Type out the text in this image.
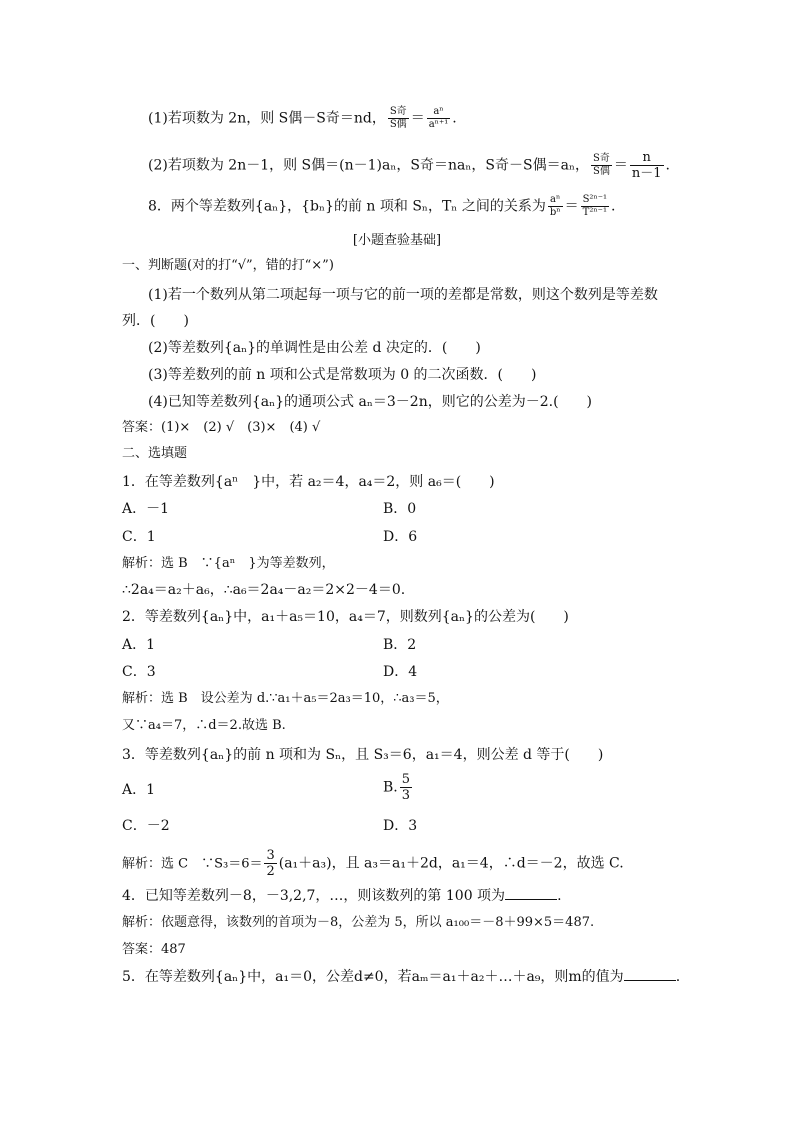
(1)若项数为 2n，则 S偶－S奇＝nd， $\frac{\text{S奇}}{\text{S偶}} = \frac{\text{aⁿ}}{\text{aⁿ⁺¹}}$ .
(2)若项数为 2n－1，则 S偶＝(n－1)aₙ，S奇＝naₙ，S奇－S偶＝aₙ， $\frac{\text{S奇}}{\text{S偶}} = \frac{n}{n-1}$ .
8．两个等差数列{aₙ}，{bₙ}的前 n 项和 Sₙ，Tₙ 之间的关系为 $\frac{\text{aⁿ}}{\text{bⁿ}} = \frac{\text{S²ⁿ⁻¹}}{\text{T²ⁿ⁻¹}}$ .
[小题查验基础]
一、判断题(对的打“√”，错的打“×”)
(1)若一个数列从第二项起每一项与它的前一项的差都是常数，则这个数列是等差数
列．(　　)
(2)等差数列{aₙ}的单调性是由公差 d 决定的．(　　)
(3)等差数列的前 n 项和公式是常数项为 0 的二次函数．(　　)
(4)已知等差数列{aₙ}的通项公式 aₙ＝3－2n，则它的公差为－2.(　　)
答案：(1)×　(2) √　(3)×　(4) √
二、选填题
1．在等差数列{aⁿ　}中，若 a₂＝4，a₄＝2，则 a₆＝(　　)
A．－1	B．0
C．1	D．6
解析：选 B　∵{aⁿ　}为等差数列，
∴2a₄＝a₂＋a₆，∴a₆＝2a₄－a₂＝2×2－4＝0.
2．等差数列{aₙ}中，a₁＋a₅＝10，a₄＝7，则数列{aₙ}的公差为(　　)
A．1	B．2
C．3	D．4
解析：选 B　设公差为 d.∵a₁＋a₅＝2a₃＝10，∴a₃＝5，
又∵a₄＝7，∴d＝2.故选 B.
3．等差数列{aₙ}的前 n 项和为 Sₙ，且 S₃＝6，a₁＝4，则公差 d 等于(　　)
A．1	B. $\frac{5}{3}$
C．－2	D．3
解析：选 C　∵S₃＝6＝ $\frac{3}{2} (a_1+a_3)$，且 a₃＝a₁＋2d，a₁＝4，∴d＝－2，故选 C.
4．已知等差数列－8，－3,2,7，…，则该数列的第 100 项为	.
解析：依题意得，该数列的首项为－8，公差为 5，所以 a₁₀₀＝－8＋99×5＝487.
答案：487
5．在等差数列{aₙ}中，a₁＝0，公差d≠0，若aₘ＝a₁＋a₂＋…＋a₉，则m的值为	.
